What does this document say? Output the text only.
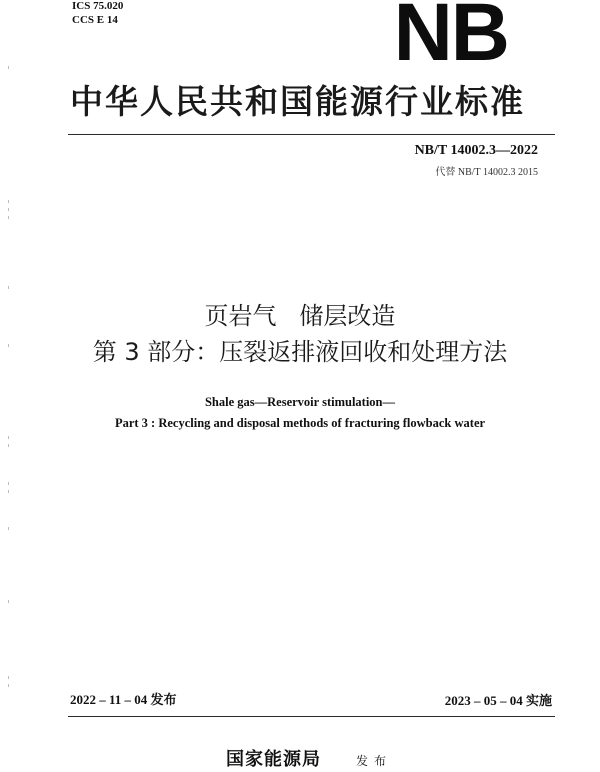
ICS 75.020
CCS E 14	NB
中华人民共和国能源行业标准
NB/T 14002.3—2022
代替 NB/T 14002.3 2015
页岩气   储层改造
第 3 部分：压裂返排液回收和处理方法
Shale gas—Reservoir stimulation—
Part 3 : Recycling and disposal methods of fracturing flowback water
2022 – 11 – 04 发布	2023 – 05 – 04 实施
国家能源局	发布
